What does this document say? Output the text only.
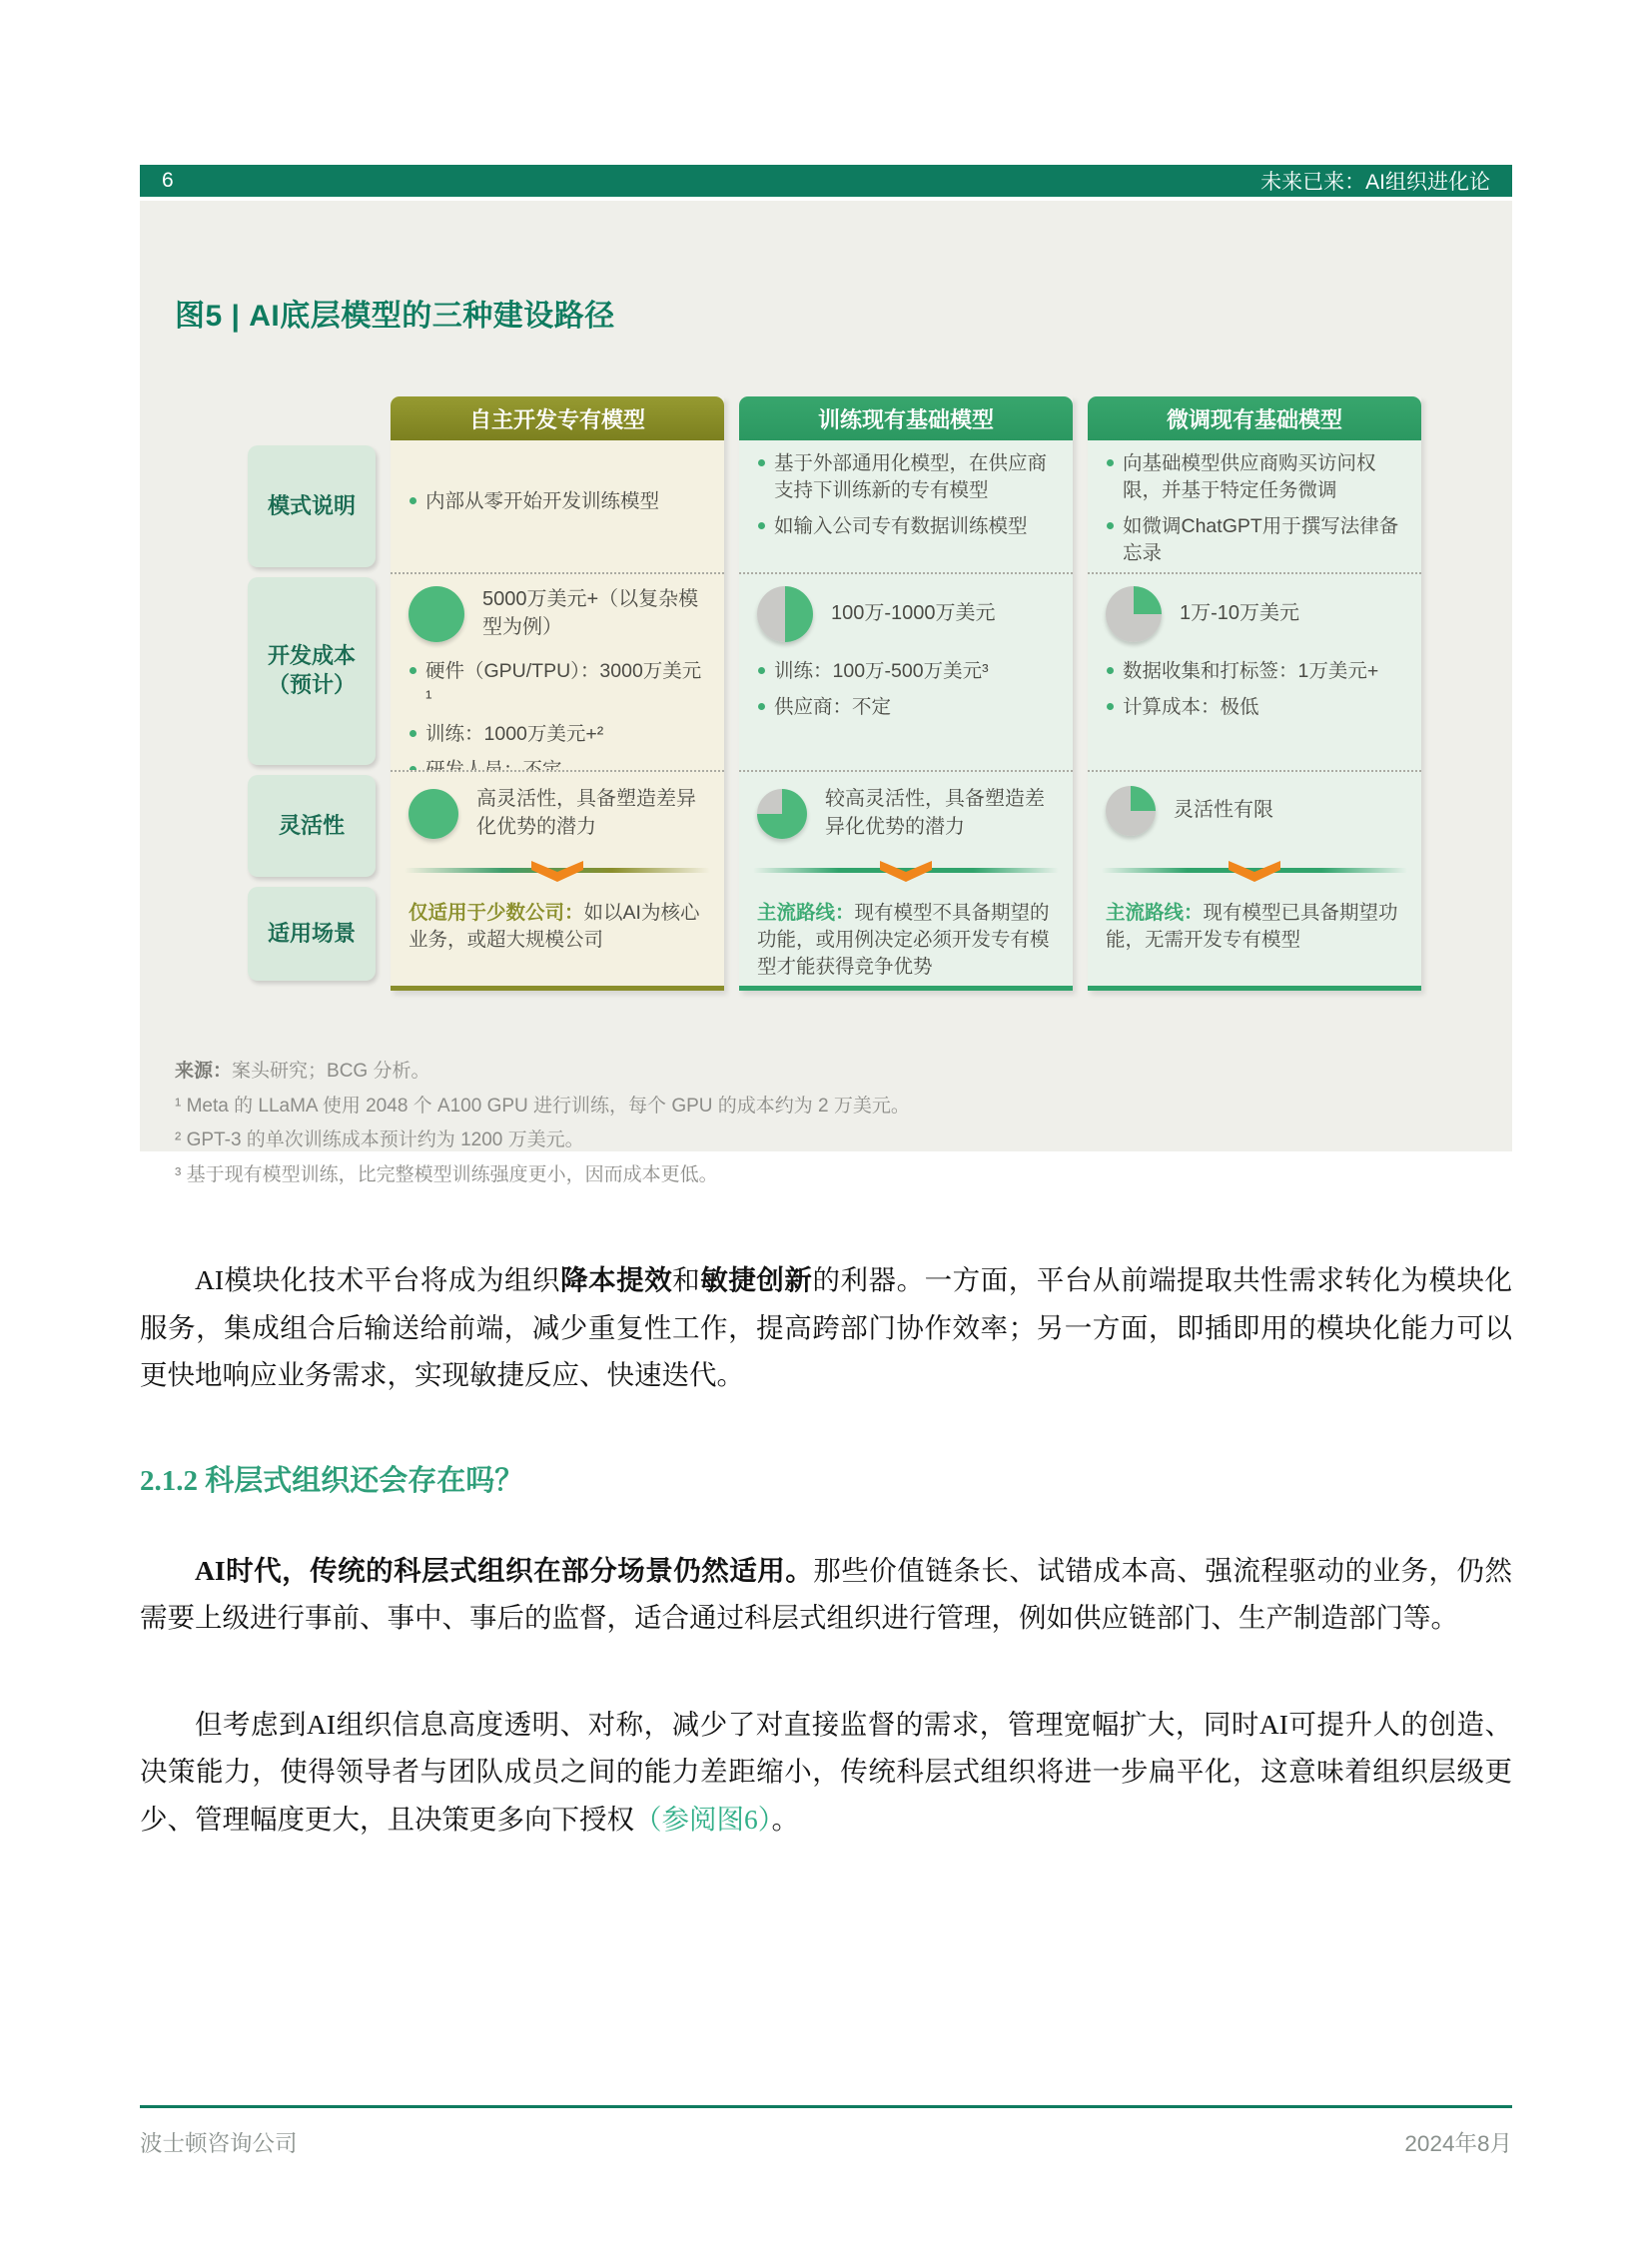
6	未来已来：AI组织进化论
图5 | AI底层模型的三种建设路径
模式说明
开发成本
（预计）
灵活性
适用场景
自主开发专有模型
内部从零开始开发训练模型
5000万美元+（以复杂模型为例）
硬件（GPU/TPU）：3000万美元¹
训练：1000万美元+²
高灵活性，具备塑造差异化优势的潜力
仅适用于少数公司：如以AI为核心业务，或超大规模公司
训练现有基础模型
基于外部通用化模型，在供应商支持下训练新的专有模型
如输入公司专有数据训练模型
100万-1000万美元
训练：100万-500万美元³
供应商：不定
较高灵活性，具备塑造差异化优势的潜力
主流路线：现有模型不具备期望的功能，或用例决定必须开发专有模型才能获得竞争优势
微调现有基础模型
向基础模型供应商购买访问权限，并基于特定任务微调
如微调ChatGPT用于撰写法律备忘录
1万-10万美元
数据收集和打标签：1万美元+
计算成本：极低
灵活性有限
主流路线：现有模型已具备期望功能，无需开发专有模型
来源：案头研究；BCG 分析。
¹ Meta 的 LLaMA 使用 2048 个 A100 GPU 进行训练，每个 GPU 的成本约为 2 万美元。
² GPT-3 的单次训练成本预计约为 1200 万美元。
³ 基于现有模型训练，比完整模型训练强度更小，因而成本更低。

AI模块化技术平台将成为组织降本提效和敏捷创新的利器。一方面，平台从前端提取共性需求转化为模块化服务，集成组合后输送给前端，减少重复性工作，提高跨部门协作效率；另一方面，即插即用的模块化能力可以更快地响应业务需求，实现敏捷反应、快速迭代。

2.1.2 科层式组织还会存在吗？

AI时代，传统的科层式组织在部分场景仍然适用。那些价值链条长、试错成本高、强流程驱动的业务，仍然需要上级进行事前、事中、事后的监督，适合通过科层式组织进行管理，例如供应链部门、生产制造部门等。

但考虑到AI组织信息高度透明、对称，减少了对直接监督的需求，管理宽幅扩大，同时AI可提升人的创造、决策能力，使得领导者与团队成员之间的能力差距缩小，传统科层式组织将进一步扁平化，这意味着组织层级更少、管理幅度更大，且决策更多向下授权（参阅图6）。

波士顿咨询公司	2024年8月
